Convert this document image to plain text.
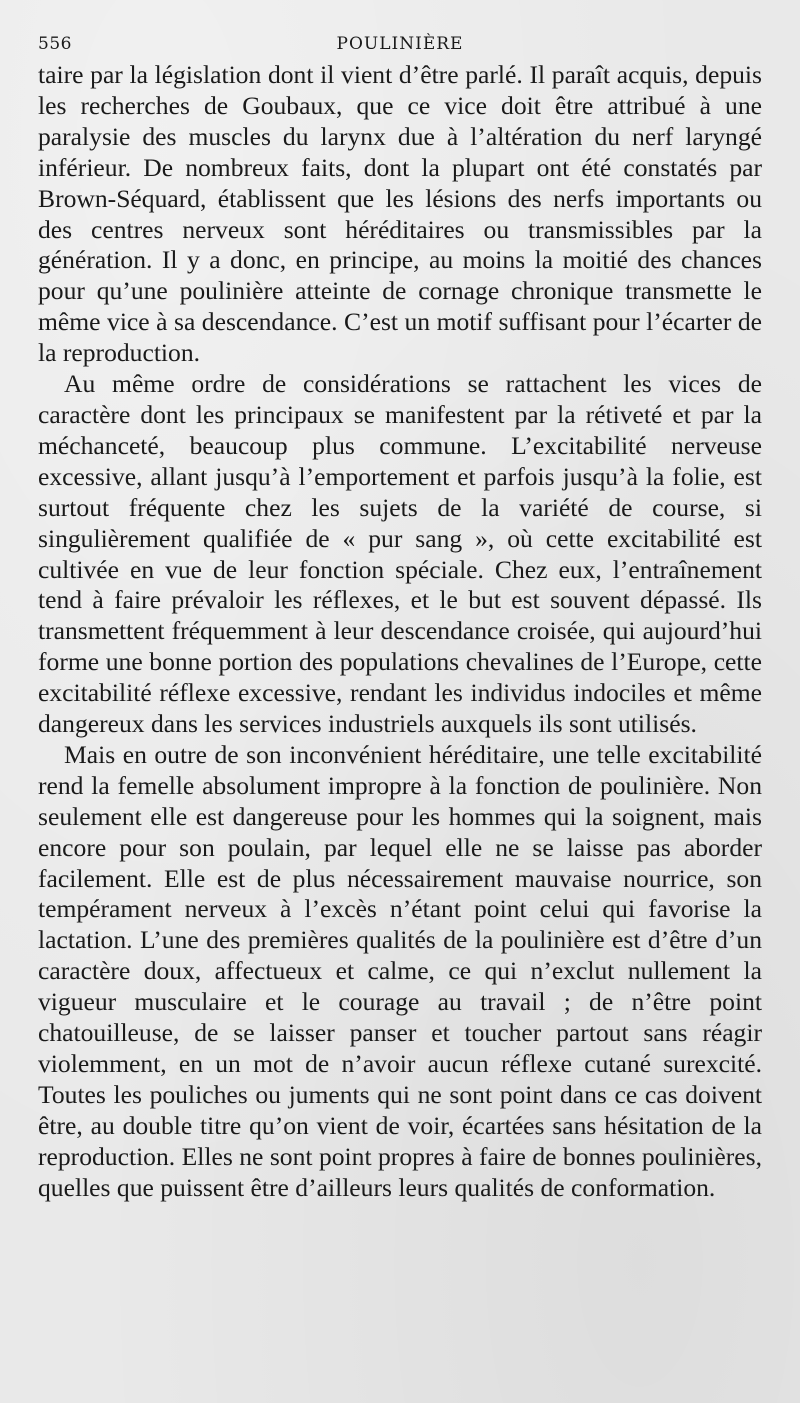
556	POULINIÈRE

taire par la législation dont il vient d’être parlé. Il paraît acquis, depuis les recherches de Goubaux, que ce vice doit être attribué à une paralysie des muscles du larynx due à l’altération du nerf laryngé inférieur. De nombreux faits, dont la plupart ont été constatés par Brown-Séquard, établissent que les lésions des nerfs importants ou des centres nerveux sont héréditaires ou transmissibles par la génération. Il y a donc, en principe, au moins la moitié des chances pour qu’une poulinière atteinte de cornage chronique transmette le même vice à sa descendance. C’est un motif suffisant pour l’écarter de la reproduction.

Au même ordre de considérations se rattachent les vices de caractère dont les principaux se manifestent par la rétiveté et par la méchanceté, beaucoup plus commune. L’excitabilité nerveuse excessive, allant jusqu’à l’emportement et parfois jusqu’à la folie, est surtout fréquente chez les sujets de la variété de course, si singulièrement qualifiée de « pur sang », où cette excitabilité est cultivée en vue de leur fonction spéciale. Chez eux, l’entraînement tend à faire prévaloir les réflexes, et le but est souvent dépassé. Ils transmettent fréquemment à leur descendance croisée, qui aujourd’hui forme une bonne portion des populations chevalines de l’Europe, cette excitabilité réflexe excessive, rendant les individus indociles et même dangereux dans les services industriels auxquels ils sont utilisés.

Mais en outre de son inconvénient héréditaire, une telle excitabilité rend la femelle absolument impropre à la fonction de poulinière. Non seulement elle est dangereuse pour les hommes qui la soignent, mais encore pour son poulain, par lequel elle ne se laisse pas aborder facilement. Elle est de plus nécessairement mauvaise nourrice, son tempérament nerveux à l’excès n’étant point celui qui favorise la lactation. L’une des premières qualités de la poulinière est d’être d’un caractère doux, affectueux et calme, ce qui n’exclut nullement la vigueur musculaire et le courage au travail ; de n’être point chatouilleuse, de se laisser panser et toucher partout sans réagir violemment, en un mot de n’avoir aucun réflexe cutané surexcité. Toutes les pouliches ou juments qui ne sont point dans ce cas doivent être, au double titre qu’on vient de voir, écartées sans hésitation de la reproduction. Elles ne sont point propres à faire de bonnes poulinières, quelles que puissent être d’ailleurs leurs qualités de conformation.
